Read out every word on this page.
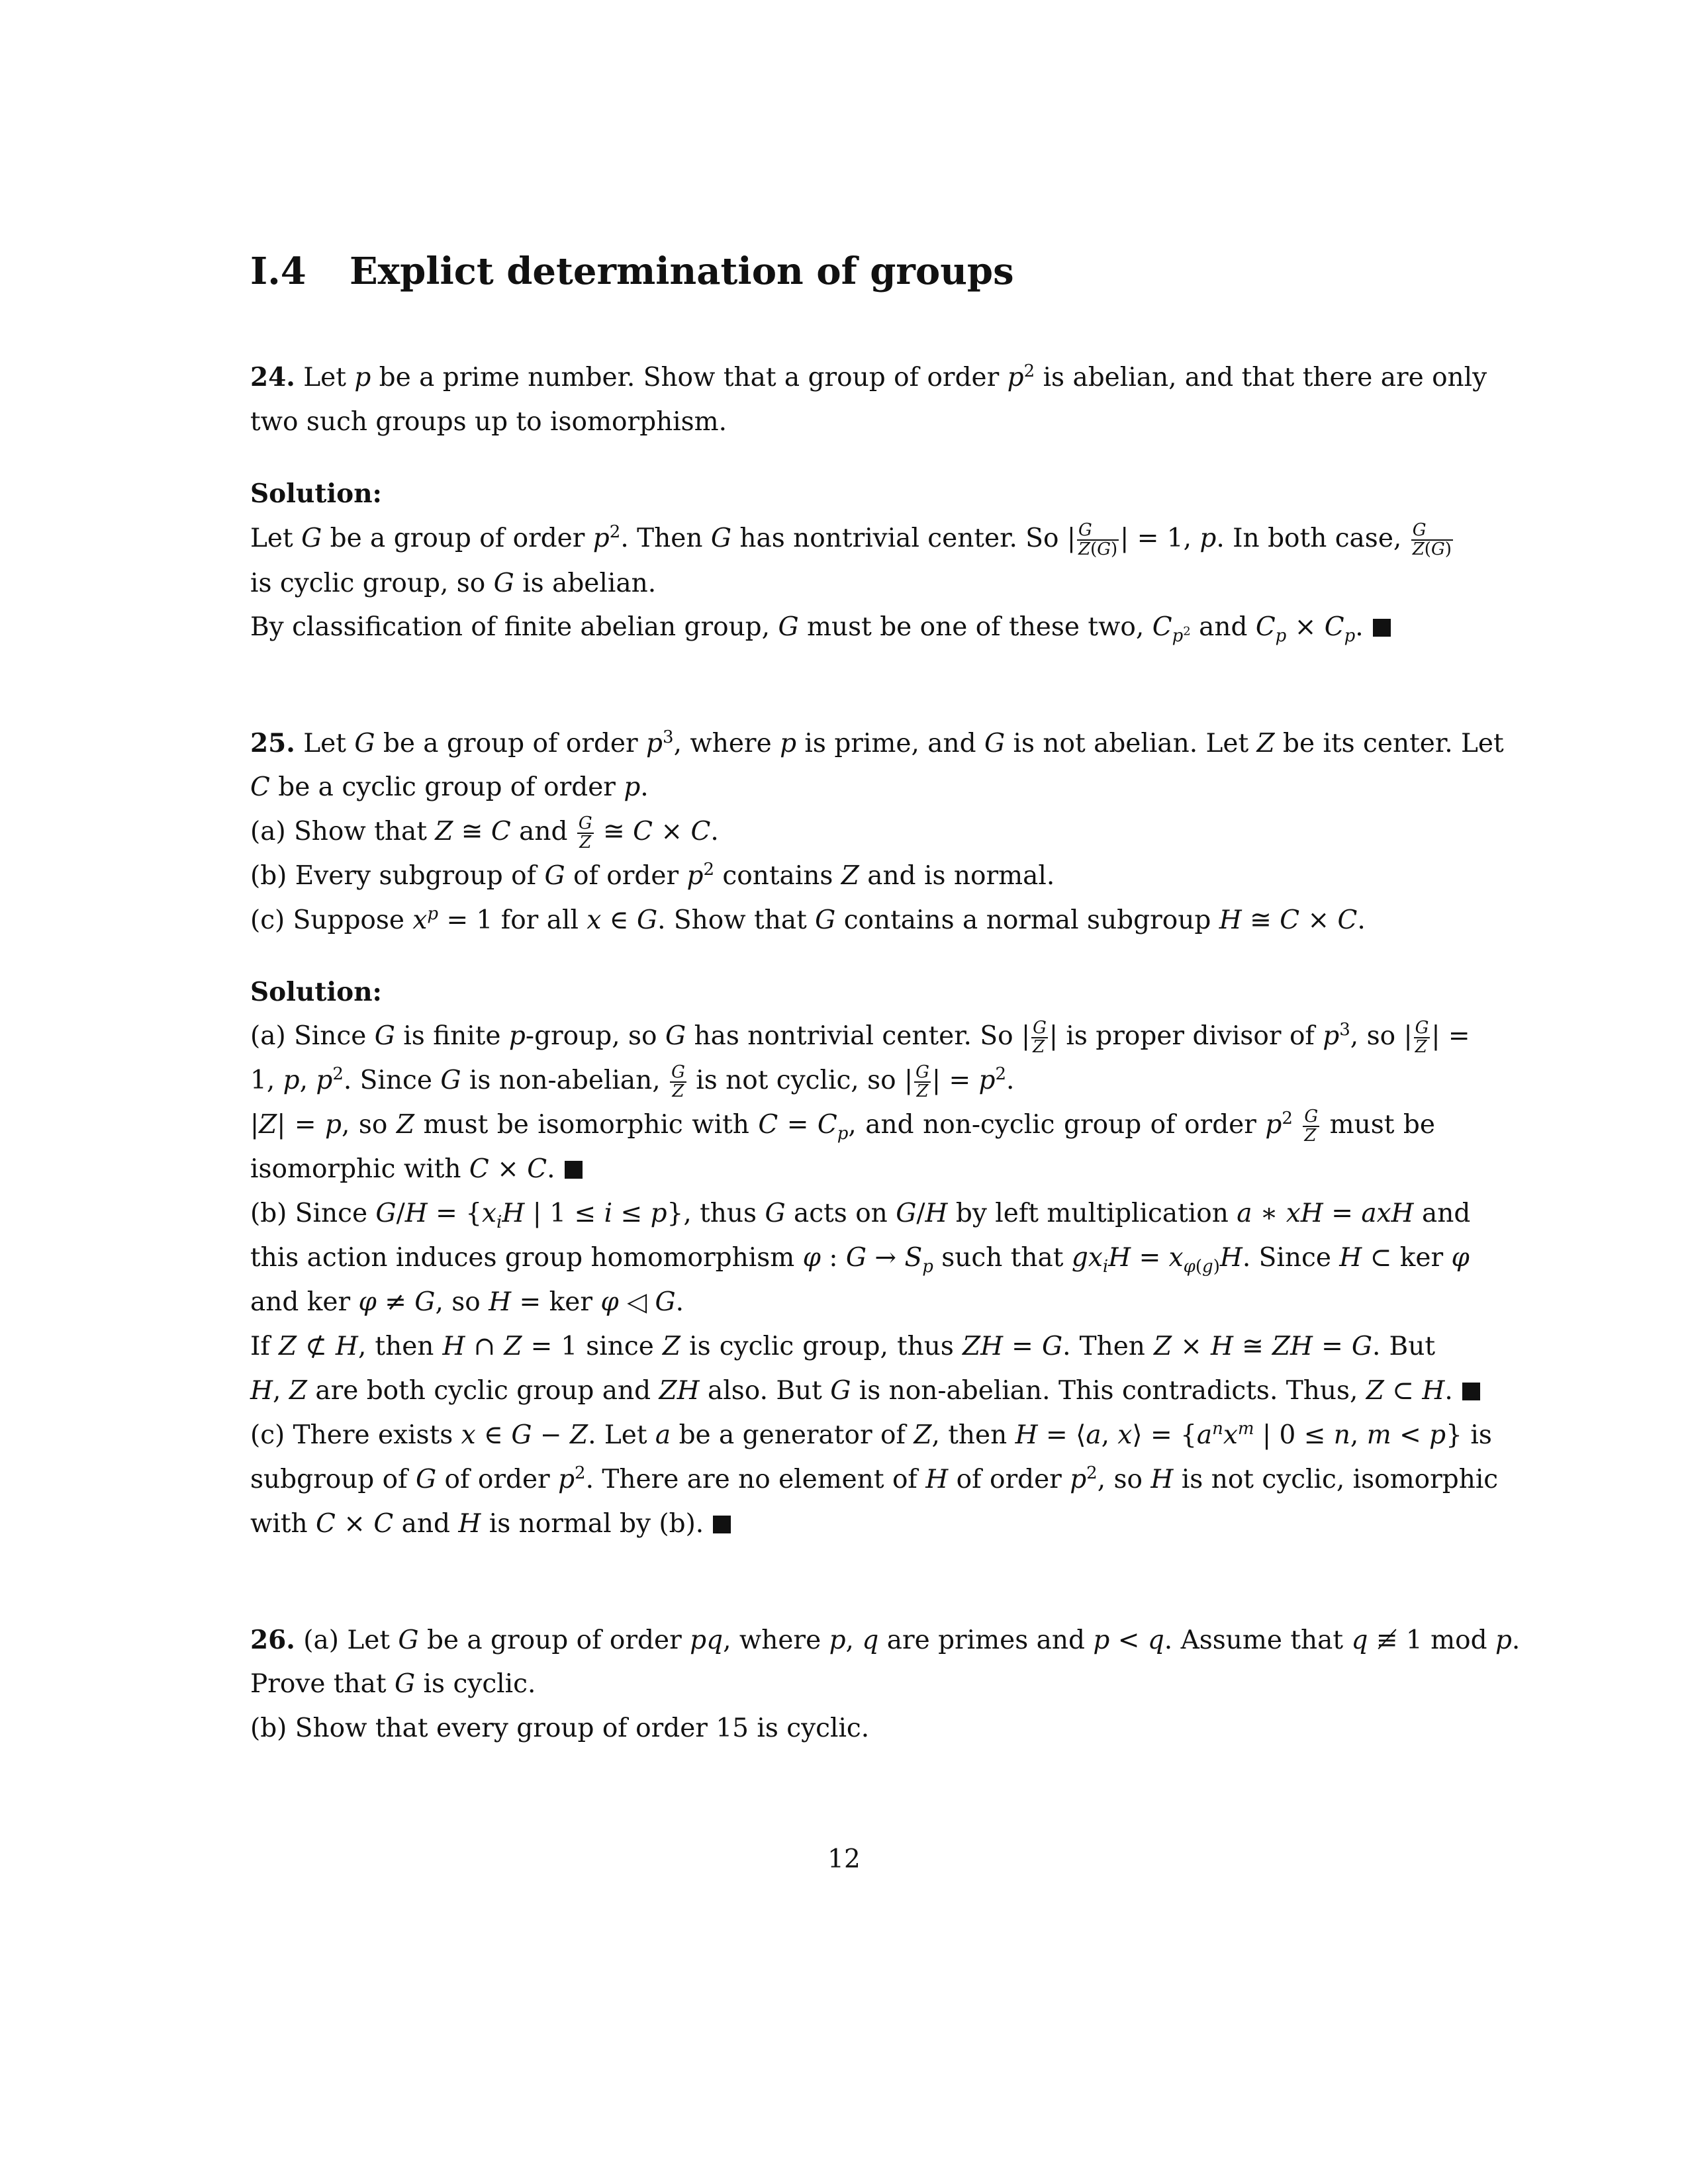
I.4 Explict determination of groups
24. Let p be a prime number. Show that a group of order $p^2$ is abelian, and that there are only
two such groups up to isomorphism.
Solution:
Let G be a group of order $p^2$. Then G has nontrivial center. So | $\frac{G}{Z(G)}$ | = 1, p. In both case, $\frac{G}{Z(G)}$
is cyclic group, so G is abelian.
By classification of finite abelian group, G must be one of these two, $C_{p^2}$ and $C_p \times C_p$.
25. Let G be a group of order $p^3$, where p is prime, and G is not abelian. Let Z be its center. Let
C be a cyclic group of order p.
(a) Show that Z ≅ C and $\frac{G}{Z}$ ≅ C × C.
(b) Every subgroup of G of order $p^2$ contains Z and is normal.
(c) Suppose $x^p = 1$ for all x ∈ G. Show that G contains a normal subgroup H ≅ C × C.
Solution:
(a) Since G is finite p-group, so G has nontrivial center. So | $\frac{G}{Z}$ | is proper divisor of $p^3$, so | $\frac{G}{Z}$ | =
1, p, $p^2$. Since G is non-abelian, $\frac{G}{Z}$ is not cyclic, so | $\frac{G}{Z}$ | = $p^2$.
|Z| = p, so Z must be isomorphic with $C = C_p$, and non-cyclic group of order $p^2 \frac{G}{Z}$ must be
isomorphic with C × C.
(b) Since $G/H = \{x_iH$ | 1 ≤ i ≤ p}, thus G acts on G/H by left multiplication a ∗ xH = axH and
this action induces group homomorphism φ : $G \to S_p$ such that $gx_iH = x_{\varphi(g)}H$. Since H ⊂ ker φ
and ker φ ≠ G, so H = ker φ ◁ G.
If Z ⊄ H, then H ∩ Z = 1 since Z is cyclic group, thus ZH = G. Then Z × H ≅ ZH = G. But
H, Z are both cyclic group and ZH also. But G is non-abelian. This contradicts. Thus, Z ⊂ H.
(c) There exists x ∈ G − Z. Let a be a generator of Z, then H = ⟨a, x⟩ = {$a^nx^m$ | 0 ≤ n, m < p} is
subgroup of G of order $p^2$. There are no element of H of order $p^2$, so H is not cyclic, isomorphic
with C × C and H is normal by (b).
26. (a) Let G be a group of order pq, where p, q are primes and p < q. Assume that q ≢ 1 mod p.
Prove that G is cyclic.
(b) Show that every group of order 15 is cyclic.
12
